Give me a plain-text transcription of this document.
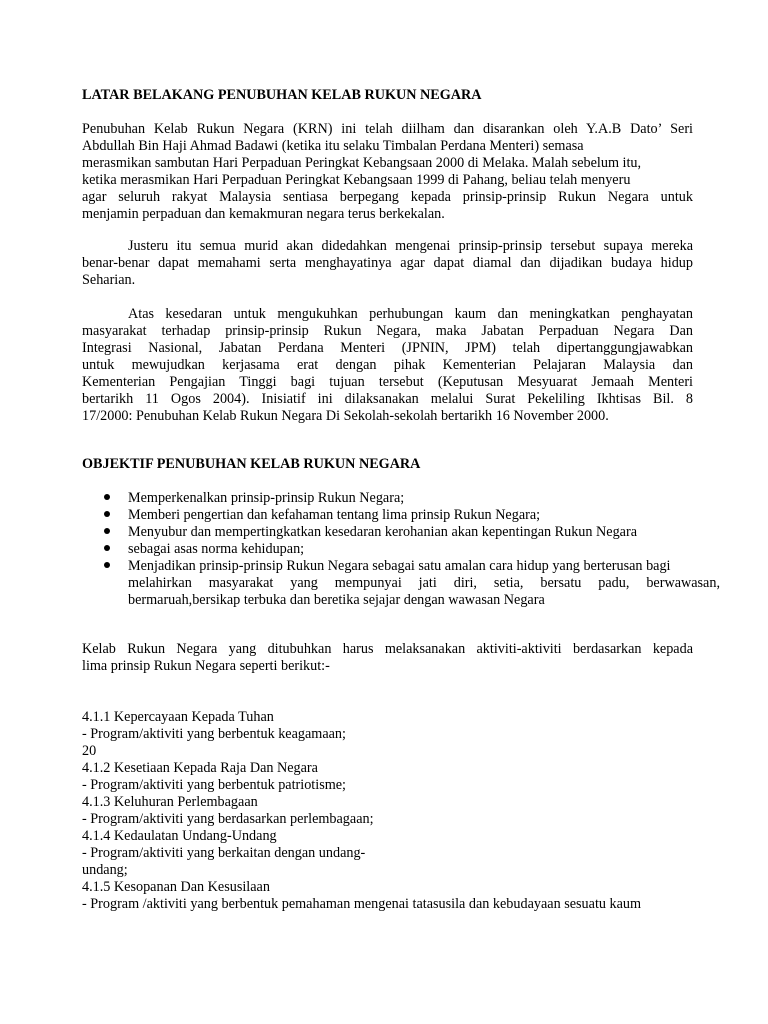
LATAR BELAKANG PENUBUHAN KELAB RUKUN NEGARA
Penubuhan Kelab Rukun Negara (KRN) ini telah diilham dan disarankan oleh Y.A.B Dato’ Seri
Abdullah Bin Haji Ahmad Badawi (ketika itu selaku Timbalan Perdana Menteri) semasa
merasmikan sambutan Hari Perpaduan Peringkat Kebangsaan 2000 di Melaka. Malah sebelum itu,
ketika merasmikan Hari Perpaduan Peringkat Kebangsaan 1999 di Pahang, beliau telah menyeru
agar seluruh rakyat Malaysia sentiasa berpegang kepada prinsip-prinsip Rukun Negara untuk
menjamin perpaduan dan kemakmuran negara terus berkekalan.
Justeru itu semua murid akan didedahkan mengenai prinsip-prinsip tersebut supaya mereka
benar-benar dapat memahami serta menghayatinya agar dapat diamal dan dijadikan budaya hidup
Seharian.
Atas kesedaran untuk mengukuhkan perhubungan kaum dan meningkatkan penghayatan
masyarakat terhadap prinsip-prinsip Rukun Negara, maka Jabatan Perpaduan Negara Dan
Integrasi Nasional, Jabatan Perdana Menteri (JPNIN, JPM) telah dipertanggungjawabkan
untuk mewujudkan kerjasama erat dengan pihak Kementerian Pelajaran Malaysia dan
Kementerian Pengajian Tinggi bagi tujuan tersebut (Keputusan Mesyuarat Jemaah Menteri
bertarikh 11 Ogos 2004). Inisiatif ini dilaksanakan melalui Surat Pekeliling Ikhtisas Bil. 8
17/2000: Penubuhan Kelab Rukun Negara Di Sekolah-sekolah bertarikh 16 November 2000.
OBJEKTIF PENUBUHAN KELAB RUKUN NEGARA
Memperkenalkan prinsip-prinsip Rukun Negara;
Memberi pengertian dan kefahaman tentang lima prinsip Rukun Negara;
Menyubur dan mempertingkatkan kesedaran kerohanian akan kepentingan Rukun Negara
sebagai asas norma kehidupan;
Menjadikan prinsip-prinsip Rukun Negara sebagai satu amalan cara hidup yang berterusan bagi
melahirkan masyarakat yang mempunyai jati diri, setia, bersatu padu, berwawasan,
bermaruah,bersikap terbuka dan beretika sejajar dengan wawasan Negara
Kelab Rukun Negara yang ditubuhkan harus melaksanakan aktiviti-aktiviti berdasarkan kepada
lima prinsip Rukun Negara seperti berikut:-
4.1.1 Kepercayaan Kepada Tuhan
- Program/aktiviti yang berbentuk keagamaan;
20
4.1.2 Kesetiaan Kepada Raja Dan Negara
- Program/aktiviti yang berbentuk patriotisme;
4.1.3 Keluhuran Perlembagaan
- Program/aktiviti yang berdasarkan perlembagaan;
4.1.4 Kedaulatan Undang-Undang
- Program/aktiviti yang berkaitan dengan undang-
undang;
4.1.5 Kesopanan Dan Kesusilaan
- Program /aktiviti yang berbentuk pemahaman mengenai tatasusila dan kebudayaan sesuatu kaum
